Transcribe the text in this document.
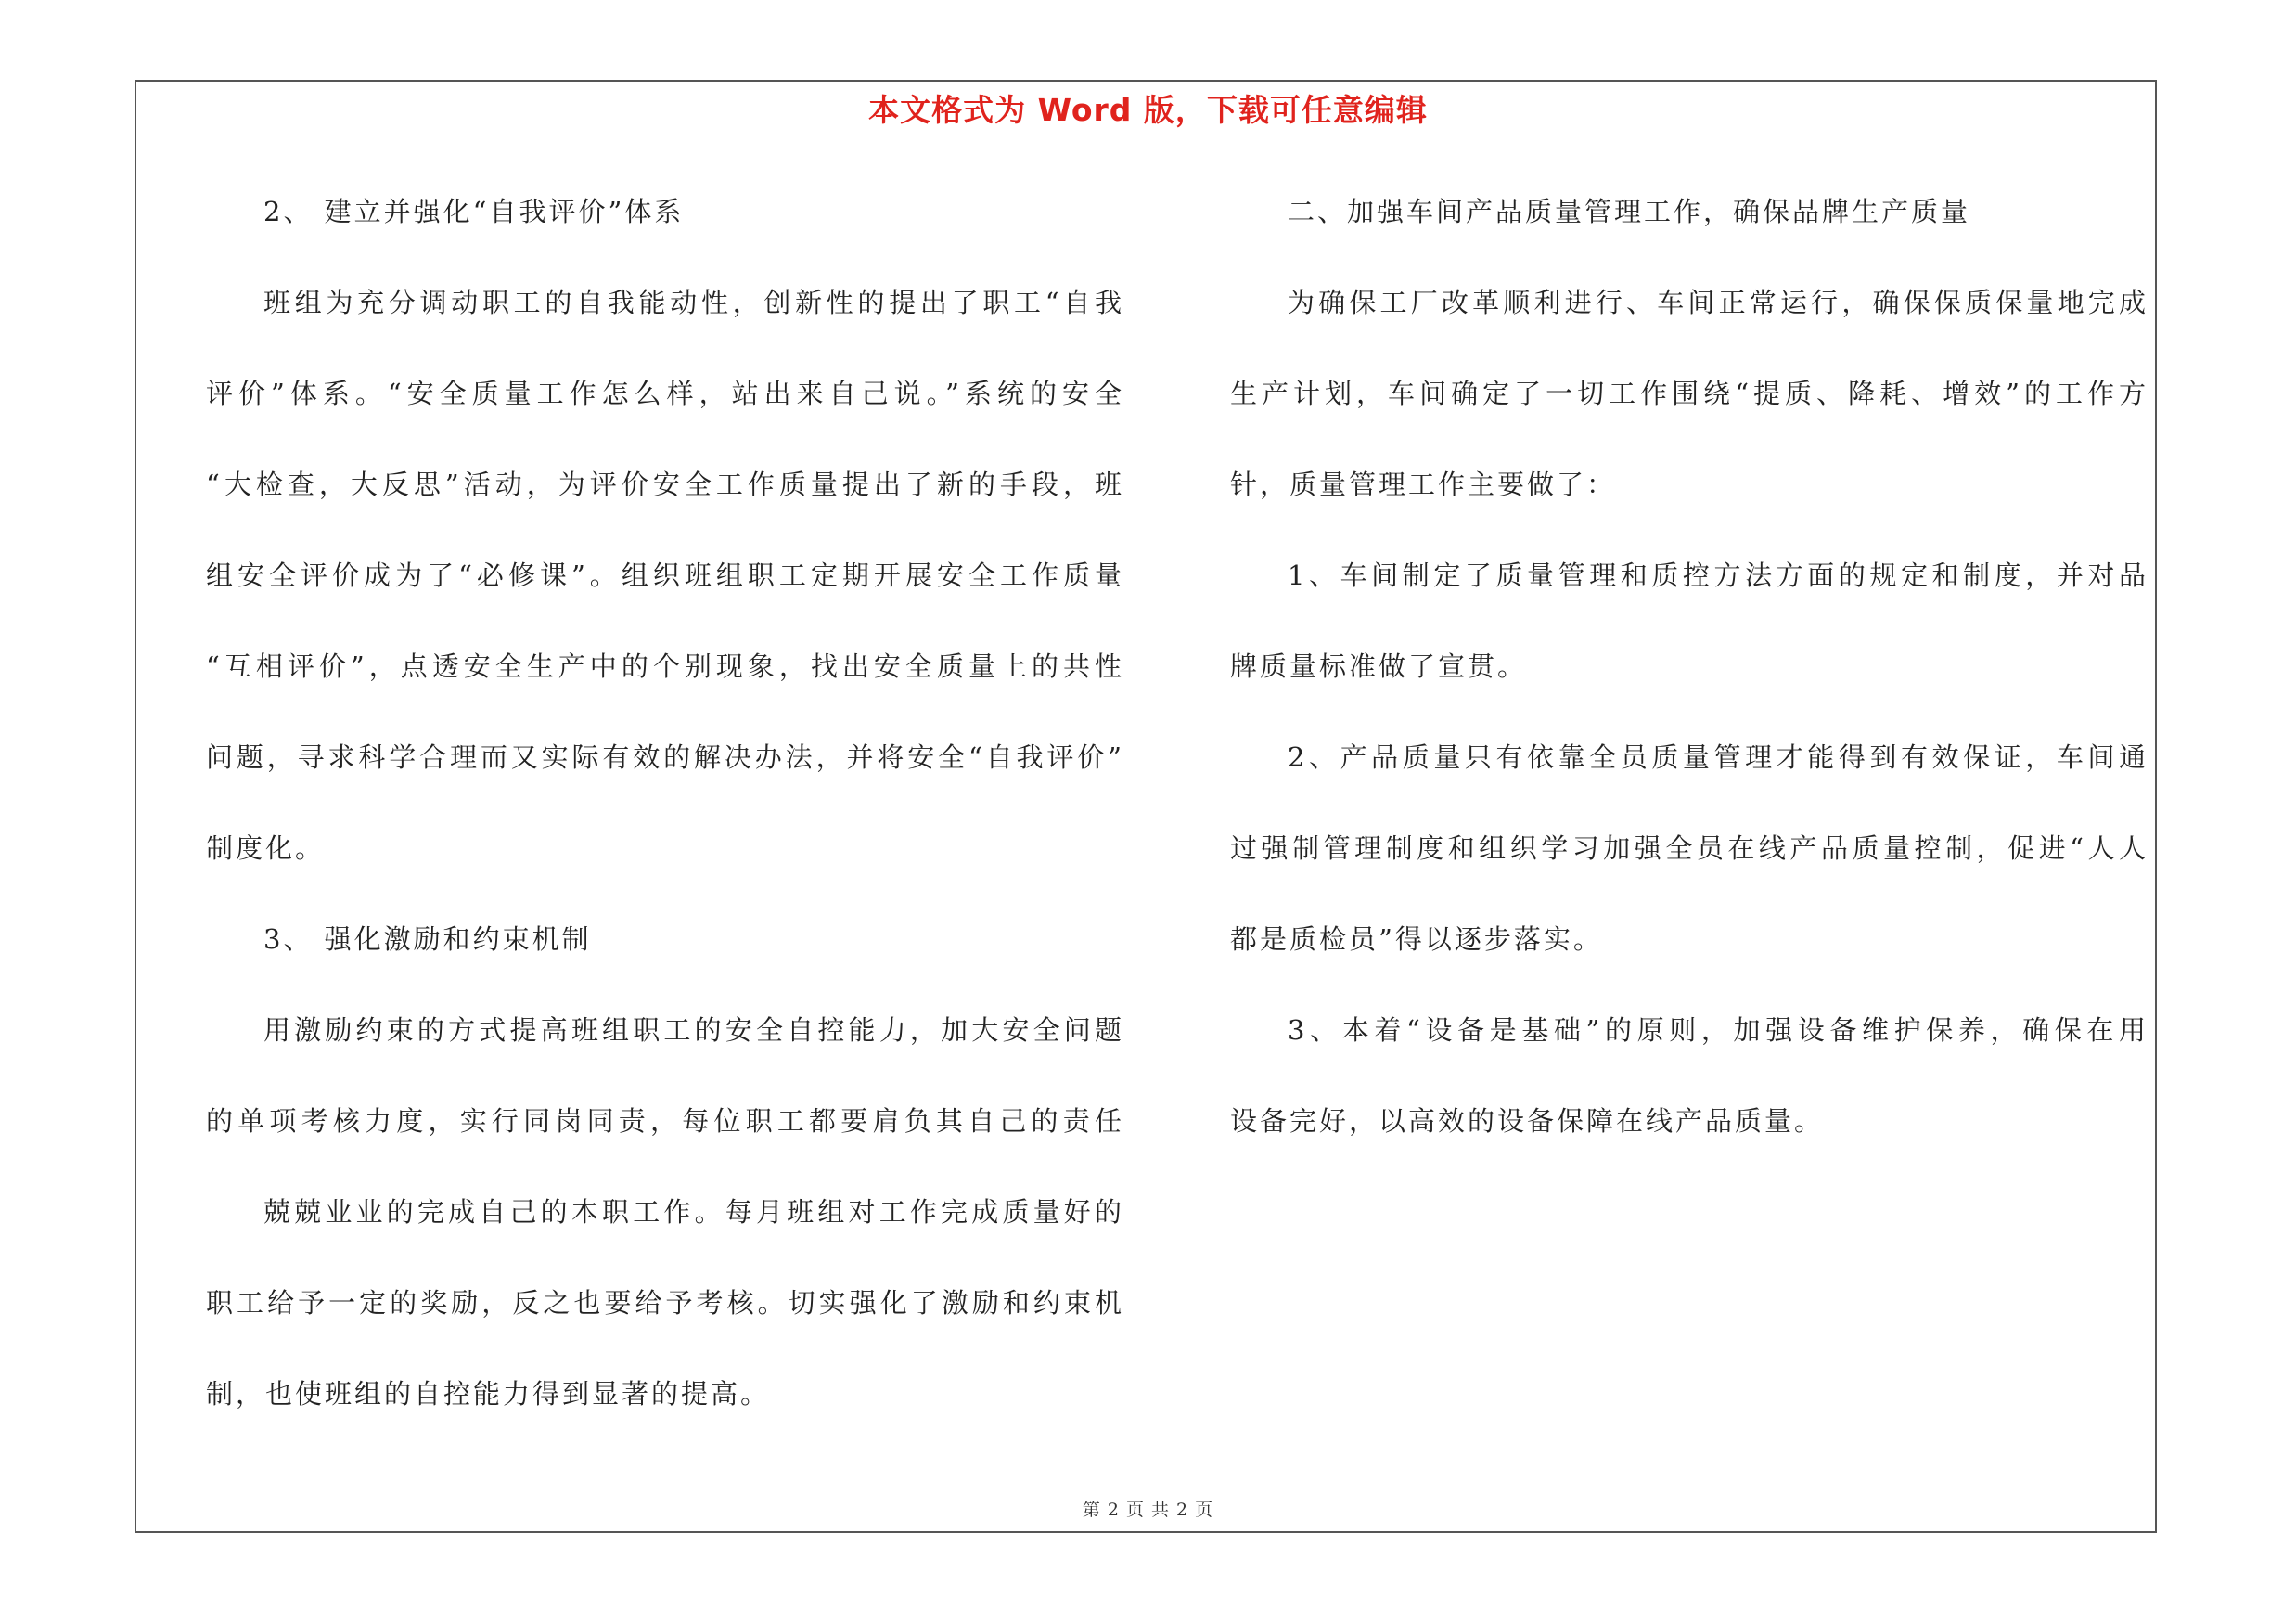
本文格式为 Word 版，下载可任意编辑
2、 建立并强化“自我评价”体系
班组为充分调动职工的自我能动性，创新性的提出了职工“自我
评价”体系。“安全质量工作怎么样，站出来自己说。”系统的安全
“大检查，大反思”活动，为评价安全工作质量提出了新的手段，班
组安全评价成为了“必修课”。组织班组职工定期开展安全工作质量
“互相评价”，点透安全生产中的个别现象，找出安全质量上的共性
问题，寻求科学合理而又实际有效的解决办法，并将安全“自我评价”
制度化。
3、 强化激励和约束机制
用激励约束的方式提高班组职工的安全自控能力，加大安全问题
的单项考核力度，实行同岗同责，每位职工都要肩负其自己的责任
兢兢业业的完成自己的本职工作。每月班组对工作完成质量好的
职工给予一定的奖励，反之也要给予考核。切实强化了激励和约束机
制，也使班组的自控能力得到显著的提高。
二、加强车间产品质量管理工作，确保品牌生产质量
为确保工厂改革顺利进行、车间正常运行，确保保质保量地完成
生产计划，车间确定了一切工作围绕“提质、降耗、增效”的工作方
针，质量管理工作主要做了：
1、车间制定了质量管理和质控方法方面的规定和制度，并对品
牌质量标准做了宣贯。
2、产品质量只有依靠全员质量管理才能得到有效保证，车间通
过强制管理制度和组织学习加强全员在线产品质量控制，促进“人人
都是质检员”得以逐步落实。
3、本着“设备是基础”的原则，加强设备维护保养，确保在用
设备完好，以高效的设备保障在线产品质量。
第 2 页 共 2 页
